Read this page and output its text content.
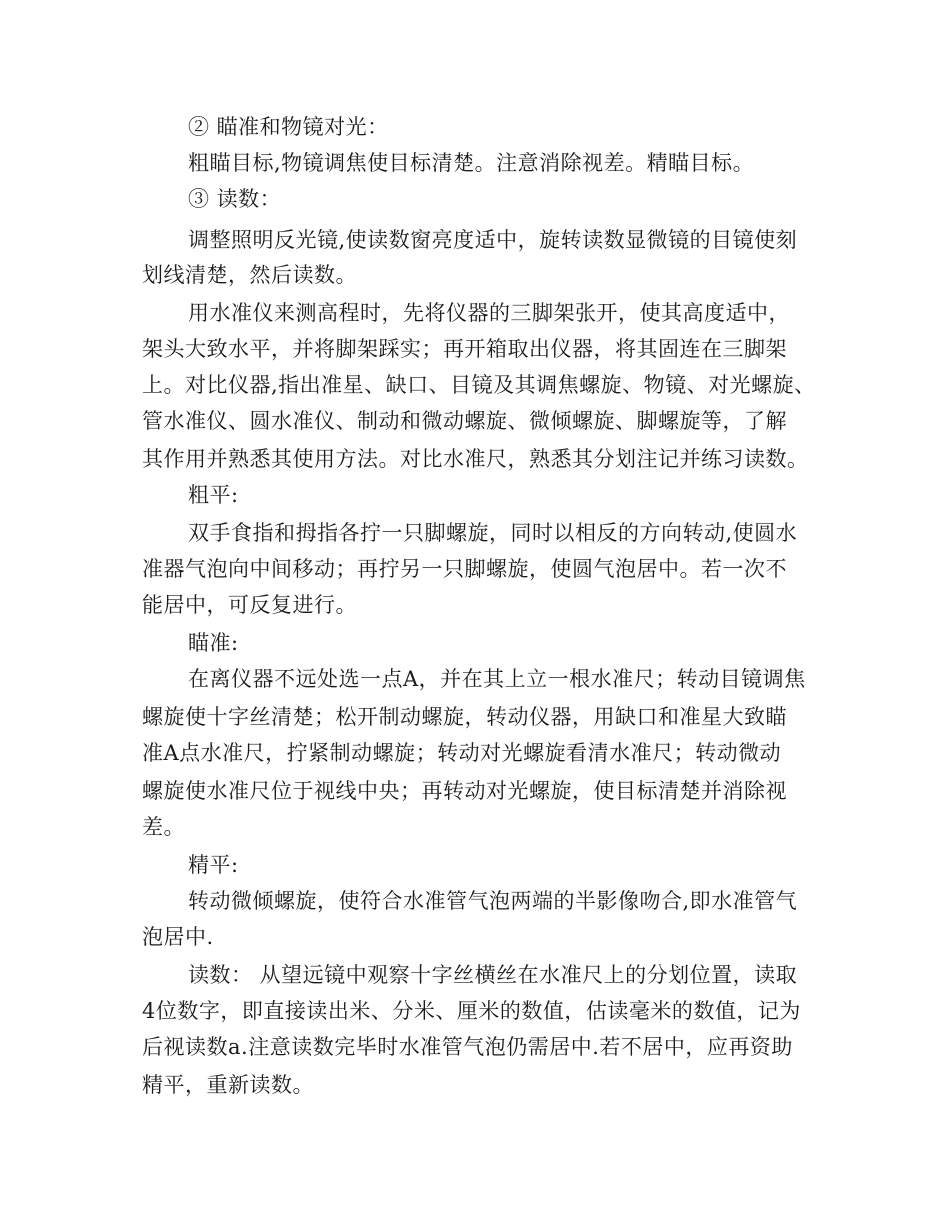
② 瞄准和物镜对光：
粗瞄目标,物镜调焦使目标清楚。注意消除视差。精瞄目标。
③ 读数：
调整照明反光镜,使读数窗亮度适中，旋转读数显微镜的目镜使刻
划线清楚，然后读数。
用水准仪来测高程时，先将仪器的三脚架张开，使其高度适中，
架头大致水平，并将脚架踩实；再开箱取出仪器，将其固连在三脚架
上。对比仪器,指出准星、缺口、目镜及其调焦螺旋、物镜、对光螺旋、
管水准仪、圆水准仪、制动和微动螺旋、微倾螺旋、脚螺旋等，了解
其作用并熟悉其使用方法。对比水准尺，熟悉其分划注记并练习读数。
粗平:
双手食指和拇指各拧一只脚螺旋，同时以相反的方向转动,使圆水
准器气泡向中间移动；再拧另一只脚螺旋，使圆气泡居中。若一次不
能居中，可反复进行。
瞄准:
在离仪器不远处选一点A，并在其上立一根水准尺；转动目镜调焦
螺旋使十字丝清楚；松开制动螺旋，转动仪器，用缺口和准星大致瞄
准A点水准尺，拧紧制动螺旋；转动对光螺旋看清水准尺；转动微动
螺旋使水准尺位于视线中央；再转动对光螺旋，使目标清楚并消除视
差。
精平:
转动微倾螺旋，使符合水准管气泡两端的半影像吻合,即水准管气
泡居中.
读数： 从望远镜中观察十字丝横丝在水准尺上的分划位置，读取
4位数字，即直接读出米、分米、厘米的数值，估读毫米的数值，记为
后视读数a.注意读数完毕时水准管气泡仍需居中.若不居中，应再资助
精平，重新读数。
